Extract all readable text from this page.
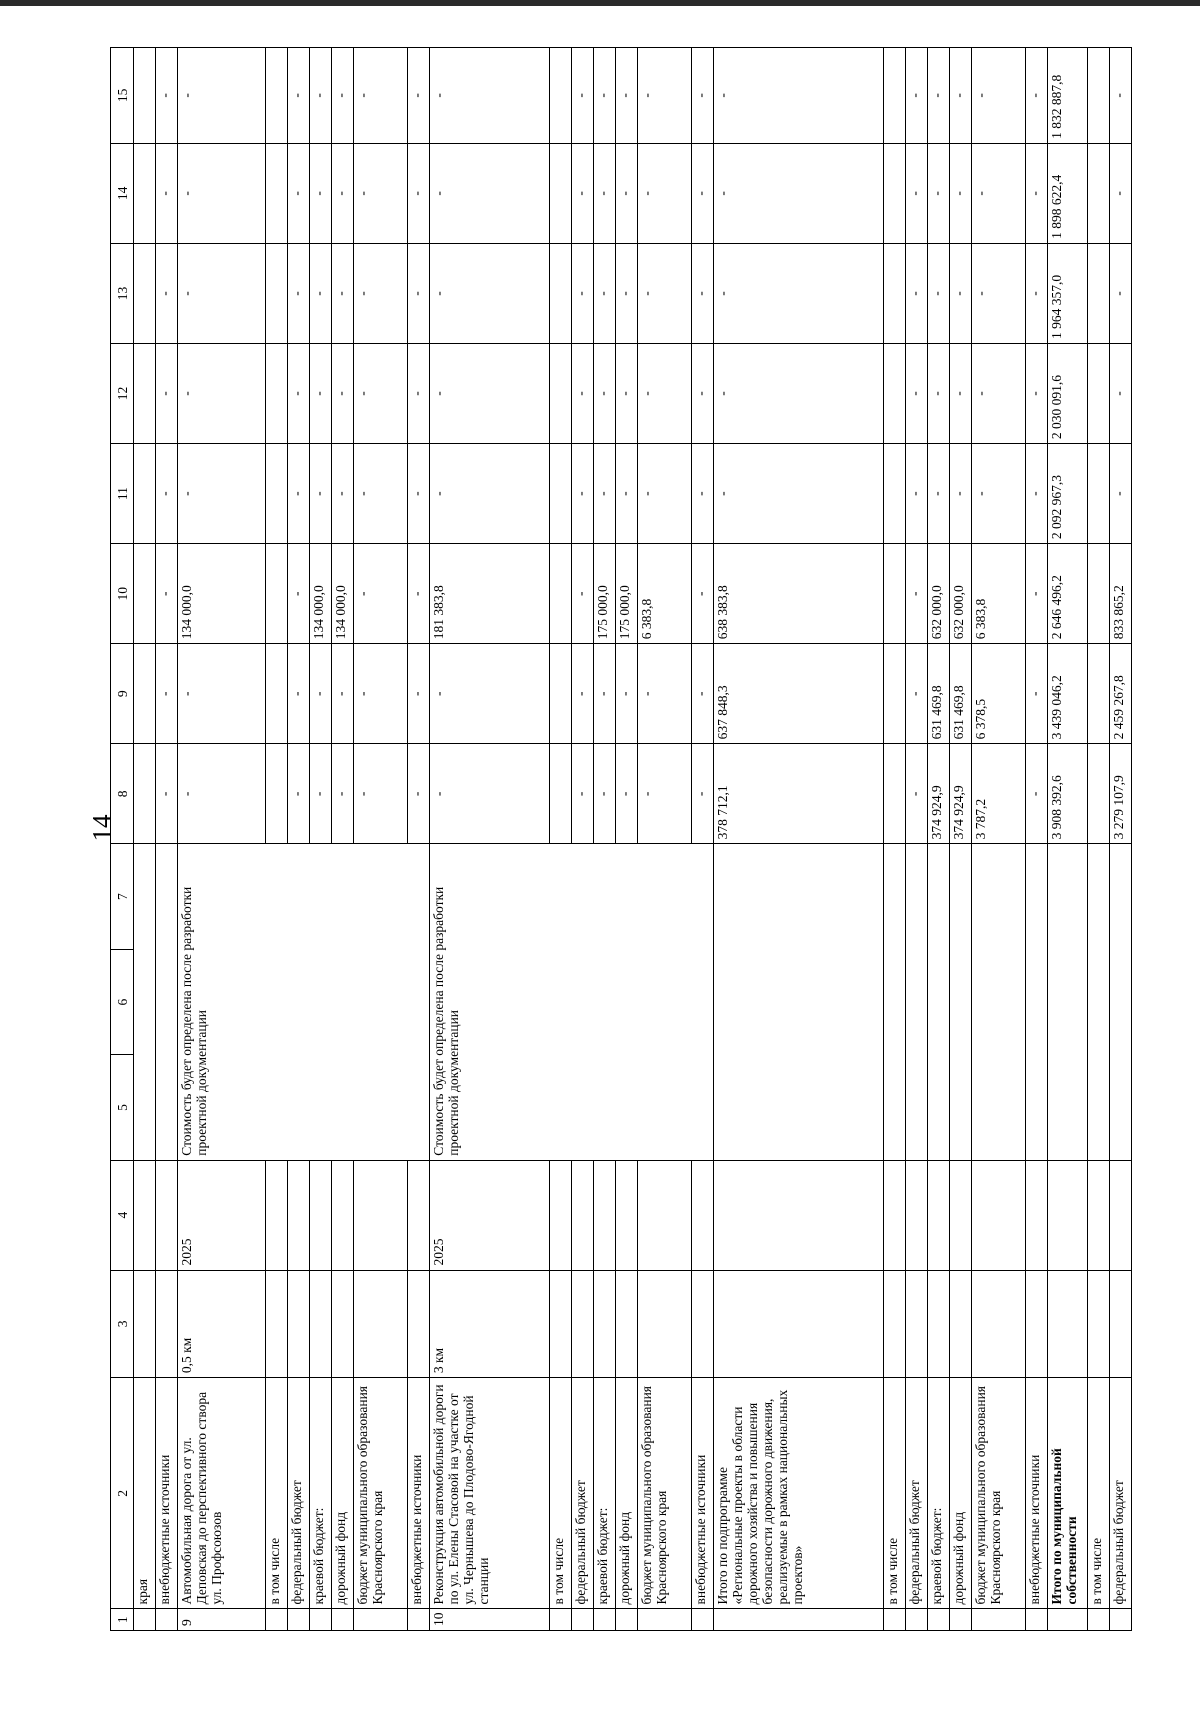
14
1	2	3	4	5	6	7	8	9	10	11	12	13	14	15
	края													
	внебюджетные источники						-	-	-	-	-	-	-	-
9	Автомобильная дорога от ул. Деповская до перспективного створа ул. Профсоюзов	0,5 км	2025	Стоимость будет определена после разработки проектной документации			-	-	134 000,0	-	-	-	-	-
	в том числе													
	федеральный бюджет						-	-	-	-	-	-	-	-
	краевой бюджет:						-	-	134 000,0	-	-	-	-	-
	дорожный фонд						-	-	134 000,0	-	-	-	-	-
	бюджет муниципального образования Красноярского края						-	-	-	-	-	-	-	-
	внебюджетные источники						-	-	-	-	-	-	-	-
10	Реконструкция автомобильной дороги по ул. Елены Стасовой на участке от ул. Чернышева до Плодово-Ягодной станции	3 км	2025	Стоимость будет определена после разработки проектной документации			-	-	181 383,8	-	-	-	-	-
	в том числе													
	федеральный бюджет						-	-	-	-	-	-	-	-
	краевой бюджет:						-	-	175 000,0	-	-	-	-	-
	дорожный фонд						-	-	175 000,0	-	-	-	-	-
	бюджет муниципального образования Красноярского края						-	-	6 383,8	-	-	-	-	-
	внебюджетные источники						-	-	-	-	-	-	-	-
	Итого по подпрограмме «Региональные проекты в области дорожного хозяйства и повышения безопасности дорожного движения, реализуемые в рамках национальных проектов»						378 712,1	637 848,3	638 383,8	-	-	-	-	-
	в том числе													
	федеральный бюджет						-	-	-	-	-	-	-	-
	краевой бюджет:						374 924,9	631 469,8	632 000,0	-	-	-	-	-
	дорожный фонд						374 924,9	631 469,8	632 000,0	-	-	-	-	-
	бюджет муниципального образования Красноярского края						3 787,2	6 378,5	6 383,8	-	-	-	-	-
	внебюджетные источники						-	-	-	-	-	-	-	-
	Итого по муниципальной собственности						3 908 392,6	3 439 046,2	2 646 496,2	2 092 967,3	2 030 091,6	1 964 357,0	1 898 622,4	1 832 887,8
	в том числе													
	федеральный бюджет						3 279 107,9	2 459 267,8	833 865,2	-	-	-	-	-
